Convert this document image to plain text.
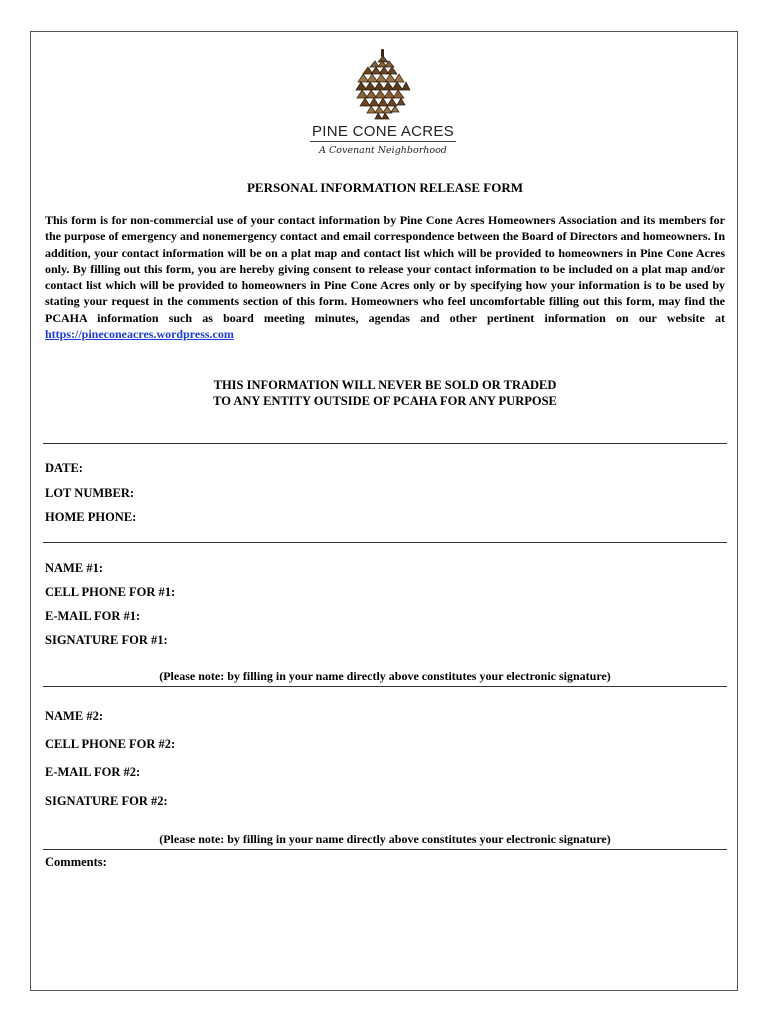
PINE CONE ACRES
A Covenant Neighborhood
PERSONAL INFORMATION RELEASE FORM

This form is for non-commercial use of your contact information by Pine Cone Acres Homeowners Association and its members for the purpose of emergency and nonemergency contact and email correspondence between the Board of Directors and homeowners. In addition, your contact information will be on a plat map and contact list which will be provided to homeowners in Pine Cone Acres only. By filling out this form, you are hereby giving consent to release your contact information to be included on a plat map and/or contact list which will be provided to homeowners in Pine Cone Acres only or by specifying how your information is to be used by stating your request in the comments section of this form. Homeowners who feel uncomfortable filling out this form, may find the PCAHA information such as board meeting minutes, agendas and other pertinent information on our website at https://pineconeacres.wordpress.com

THIS INFORMATION WILL NEVER BE SOLD OR TRADED
TO ANY ENTITY OUTSIDE OF PCAHA FOR ANY PURPOSE
DATE:
LOT NUMBER:
HOME PHONE:
NAME #1:
CELL PHONE FOR #1:
E-MAIL FOR #1:
SIGNATURE FOR #1:
(Please note: by filling in your name directly above constitutes your electronic signature)
NAME #2:
CELL PHONE FOR #2:
E-MAIL FOR #2:
SIGNATURE FOR #2:
(Please note: by filling in your name directly above constitutes your electronic signature)
Comments:
